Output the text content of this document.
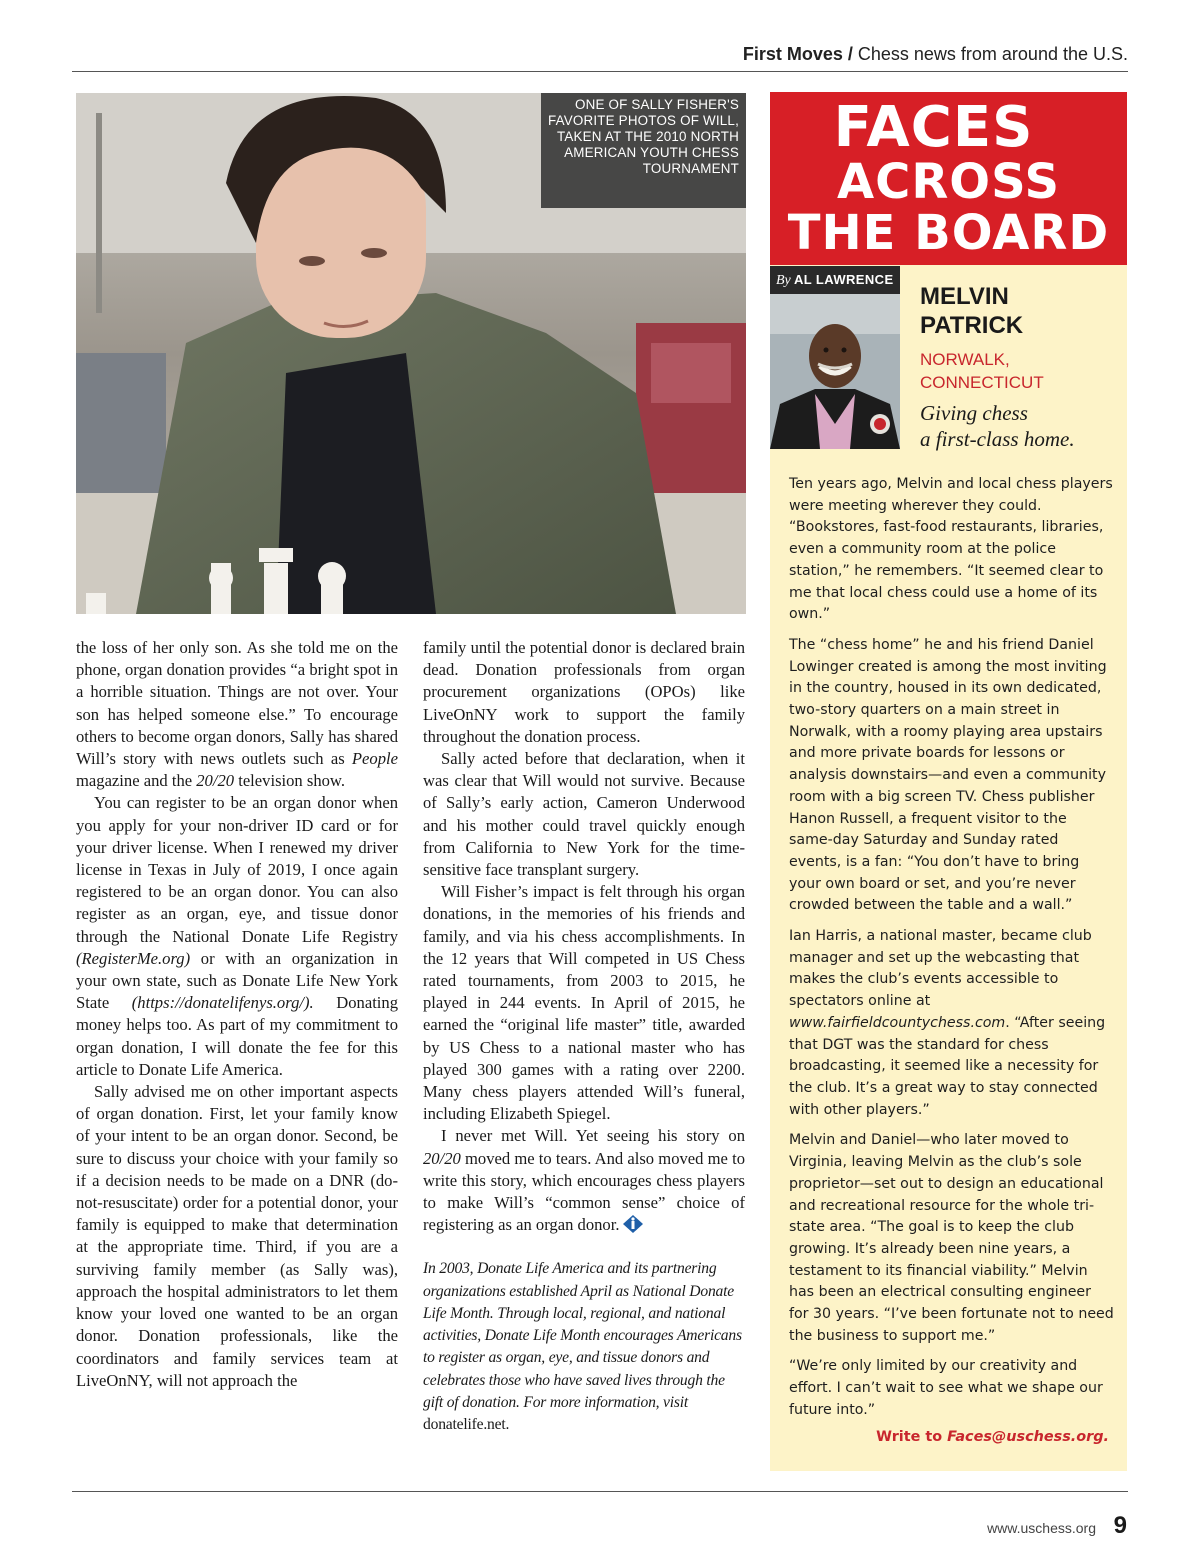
First Moves / Chess news from around the U.S.
ONE OF SALLY FISHER'S FAVORITE PHOTOS OF WILL, TAKEN AT THE 2010 NORTH AMERICAN YOUTH CHESS TOURNAMENT

the loss of her only son. As she told me on the phone, organ donation provides “a bright spot in a horrible situation. Things are not over. Your son has helped someone else.” To encourage others to become organ donors, Sally has shared Will’s story with news outlets such as People magazine and the 20/20 television show.

You can register to be an organ donor when you apply for your non-driver ID card or for your driver license. When I renewed my driver license in Texas in July of 2019, I once again registered to be an organ donor. You can also register as an organ, eye, and tissue donor through the National Donate Life Registry (RegisterMe.org) or with an organization in your own state, such as Donate Life New York State (https://donatelifenys.org/). Donating money helps too. As part of my commitment to organ donation, I will donate the fee for this article to Donate Life America.

Sally advised me on other important aspects of organ donation. First, let your family know of your intent to be an organ donor. Second, be sure to discuss your choice with your family so if a decision needs to be made on a DNR (do-not-resuscitate) order for a potential donor, your family is equipped to make that determination at the appropriate time. Third, if you are a surviving family member (as Sally was), approach the hospital administrators to let them know your loved one wanted to be an organ donor. Donation professionals, like the coordinators and family services team at LiveOnNY, will not approach the

family until the potential donor is declared brain dead. Donation professionals from organ procurement organizations (OPOs) like LiveOnNY work to support the family throughout the donation process.

Sally acted before that declaration, when it was clear that Will would not survive. Because of Sally’s early action, Cameron Underwood and his mother could travel quickly enough from California to New York for the time-sensitive face transplant surgery.

Will Fisher’s impact is felt through his organ donations, in the memories of his friends and family, and via his chess accomplishments. In the 12 years that Will competed in US Chess rated tournaments, from 2003 to 2015, he played in 244 events. In April of 2015, he earned the “original life master” title, awarded by US Chess to a national master who has played 300 games with a rating over 2200. Many chess players attended Will’s funeral, including Elizabeth Spiegel.

I never met Will. Yet seeing his story on 20/20 moved me to tears. And also moved me to write this story, which encourages chess players to make Will’s “common sense” choice of registering as an organ donor.

In 2003, Donate Life America and its partnering organizations established April as National Donate Life Month. Through local, regional, and national activities, Donate Life Month encourages Americans to register as organ, eye, and tissue donors and celebrates those who have saved lives through the gift of donation. For more information, visit donatelife.net.

FACES
ACROSS
THE BOARD
By AL LAWRENCE
MELVIN
PATRICK
NORWALK,
CONNECTICUT
Giving chess
a first-class home.

Ten years ago, Melvin and local chess players were meeting wherever they could. “Bookstores, fast-food restaurants, libraries, even a community room at the police station,” he remembers. “It seemed clear to me that local chess could use a home of its own.”

The “chess home” he and his friend Daniel Lowinger created is among the most inviting in the country, housed in its own dedicated, two-story quarters on a main street in Norwalk, with a roomy playing area upstairs and more private boards for lessons or analysis downstairs—and even a community room with a big screen TV. Chess publisher Hanon Russell, a frequent visitor to the same-day Saturday and Sunday rated events, is a fan: “You don’t have to bring your own board or set, and you’re never crowded between the table and a wall.”

Ian Harris, a national master, became club manager and set up the webcasting that makes the club’s events accessible to spectators online at www.fairfieldcountychess.com. “After seeing that DGT was the standard for chess broadcasting, it seemed like a necessity for the club. It’s a great way to stay connected with other players.”

Melvin and Daniel—who later moved to Virginia, leaving Melvin as the club’s sole proprietor—set out to design an educational and recreational resource for the whole tri-state area. “The goal is to keep the club growing. It’s already been nine years, a testament to its financial viability.” Melvin has been an electrical consulting engineer for 30 years. “I’ve been fortunate not to need the business to support me.”

“We’re only limited by our creativity and effort. I can’t wait to see what we shape our future into.”

Write to Faces@uschess.org.
www.uschess.org 9
